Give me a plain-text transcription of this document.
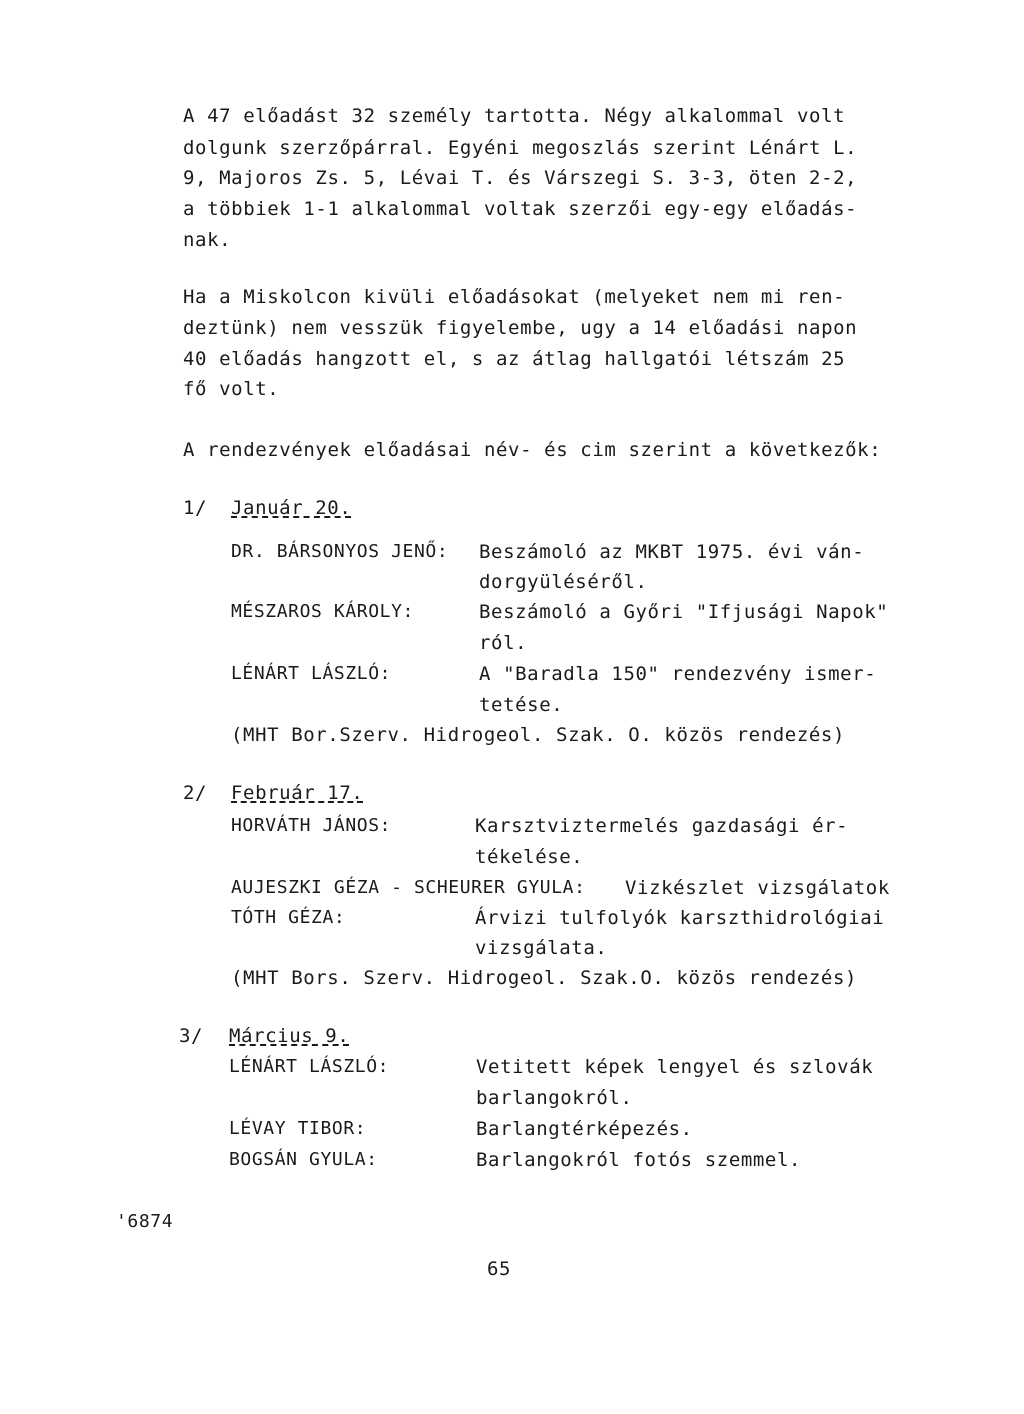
A 47 előadást 32 személy tartotta. Négy alkalommal volt
dolgunk szerzőpárral. Egyéni megoszlás szerint Lénárt L.
9, Majoros Zs. 5, Lévai T. és Várszegi S. 3-3, öten 2-2,
a többiek 1-1 alkalommal voltak szerzői egy-egy előadás-
nak.
Ha a Miskolcon kivüli előadásokat (melyeket nem mi ren-
deztünk) nem vesszük figyelembe, ugy a 14 előadási napon
40 előadás hangzott el, s az átlag hallgatói létszám 25
fő volt.
A rendezvények előadásai név- és cim szerint a következők:
1/ Január 20.
DR. BÁRSONYOS JENŐ: Beszámoló az MKBT 1975. évi ván-
dorgyüléséről.
MÉSZAROS KÁROLY:	Beszámoló a Győri "Ifjusági Napok"
ról.
LÉNÁRT LÁSZLÓ:	A "Baradla 150" rendezvény ismer-
tetése.
(MHT Bor.Szerv. Hidrogeol. Szak. O. közös rendezés)
2/ Február 17.
HORVÁTH JÁNOS:	Karsztviztermelés gazdasági ér-
tékelése.
AUJESZKI GÉZA - SCHEURER GYULA: Vizkészlet vizsgálatok
TÓTH GÉZA:	Árvizi tulfolyók karszthidrológiai
vizsgálata.
(MHT Bors. Szerv. Hidrogeol. Szak.O. közös rendezés)
3/ Március 9.
LÉNÁRT LÁSZLÓ:	Vetitett képek lengyel és szlovák
barlangokról.
LÉVAY TIBOR:	Barlangtérképezés.
BOGSÁN GYULA:	Barlangokról fotós szemmel.
'6874
65
